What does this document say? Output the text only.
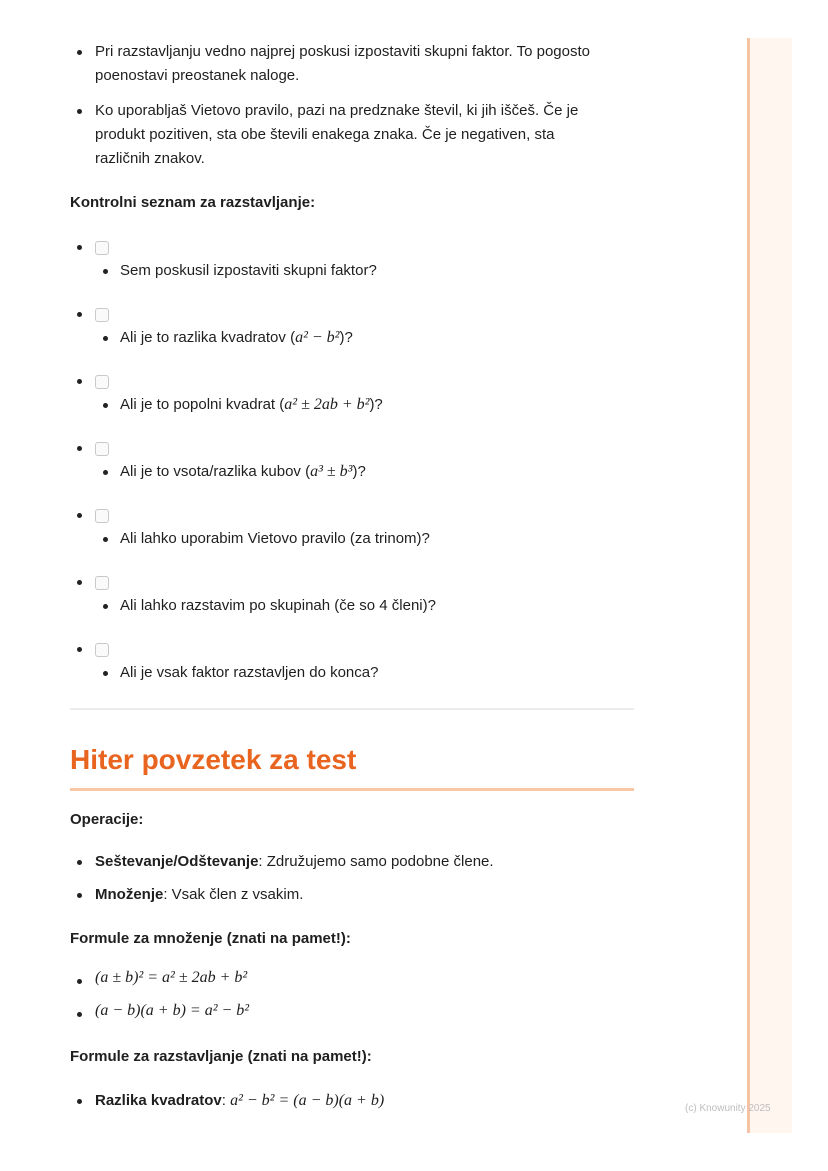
Pri razstavljanju vedno najprej poskusi izpostaviti skupni faktor. To pogosto
poenostavi preostanek naloge.
Ko uporabljaš Vietovo pravilo, pazi na predznake števil, ki jih iščeš. Če je
produkt pozitiven, sta obe števili enakega znaka. Če je negativen, sta
različnih znakov.
Kontrolni seznam za razstavljanje:
Sem poskusil izpostaviti skupni faktor?
Ali je to razlika kvadratov (a² − b²)?
Ali je to popolni kvadrat (a² ± 2ab + b²)?
Ali je to vsota/razlika kubov (a³ ± b³)?
Ali lahko uporabim Vietovo pravilo (za trinom)?
Ali lahko razstavim po skupinah (če so 4 členi)?
Ali je vsak faktor razstavljen do konca?
Hiter povzetek za test
Operacije:
Seštevanje/Odštevanje: Združujemo samo podobne člene.
Množenje: Vsak člen z vsakim.
Formule za množenje (znati na pamet!):
(a ± b)² = a² ± 2ab + b²
(a − b)(a + b) = a² − b²
Formule za razstavljanje (znati na pamet!):
Razlika kvadratov: a² − b² = (a − b)(a + b)	(c) Knowunity 2025
